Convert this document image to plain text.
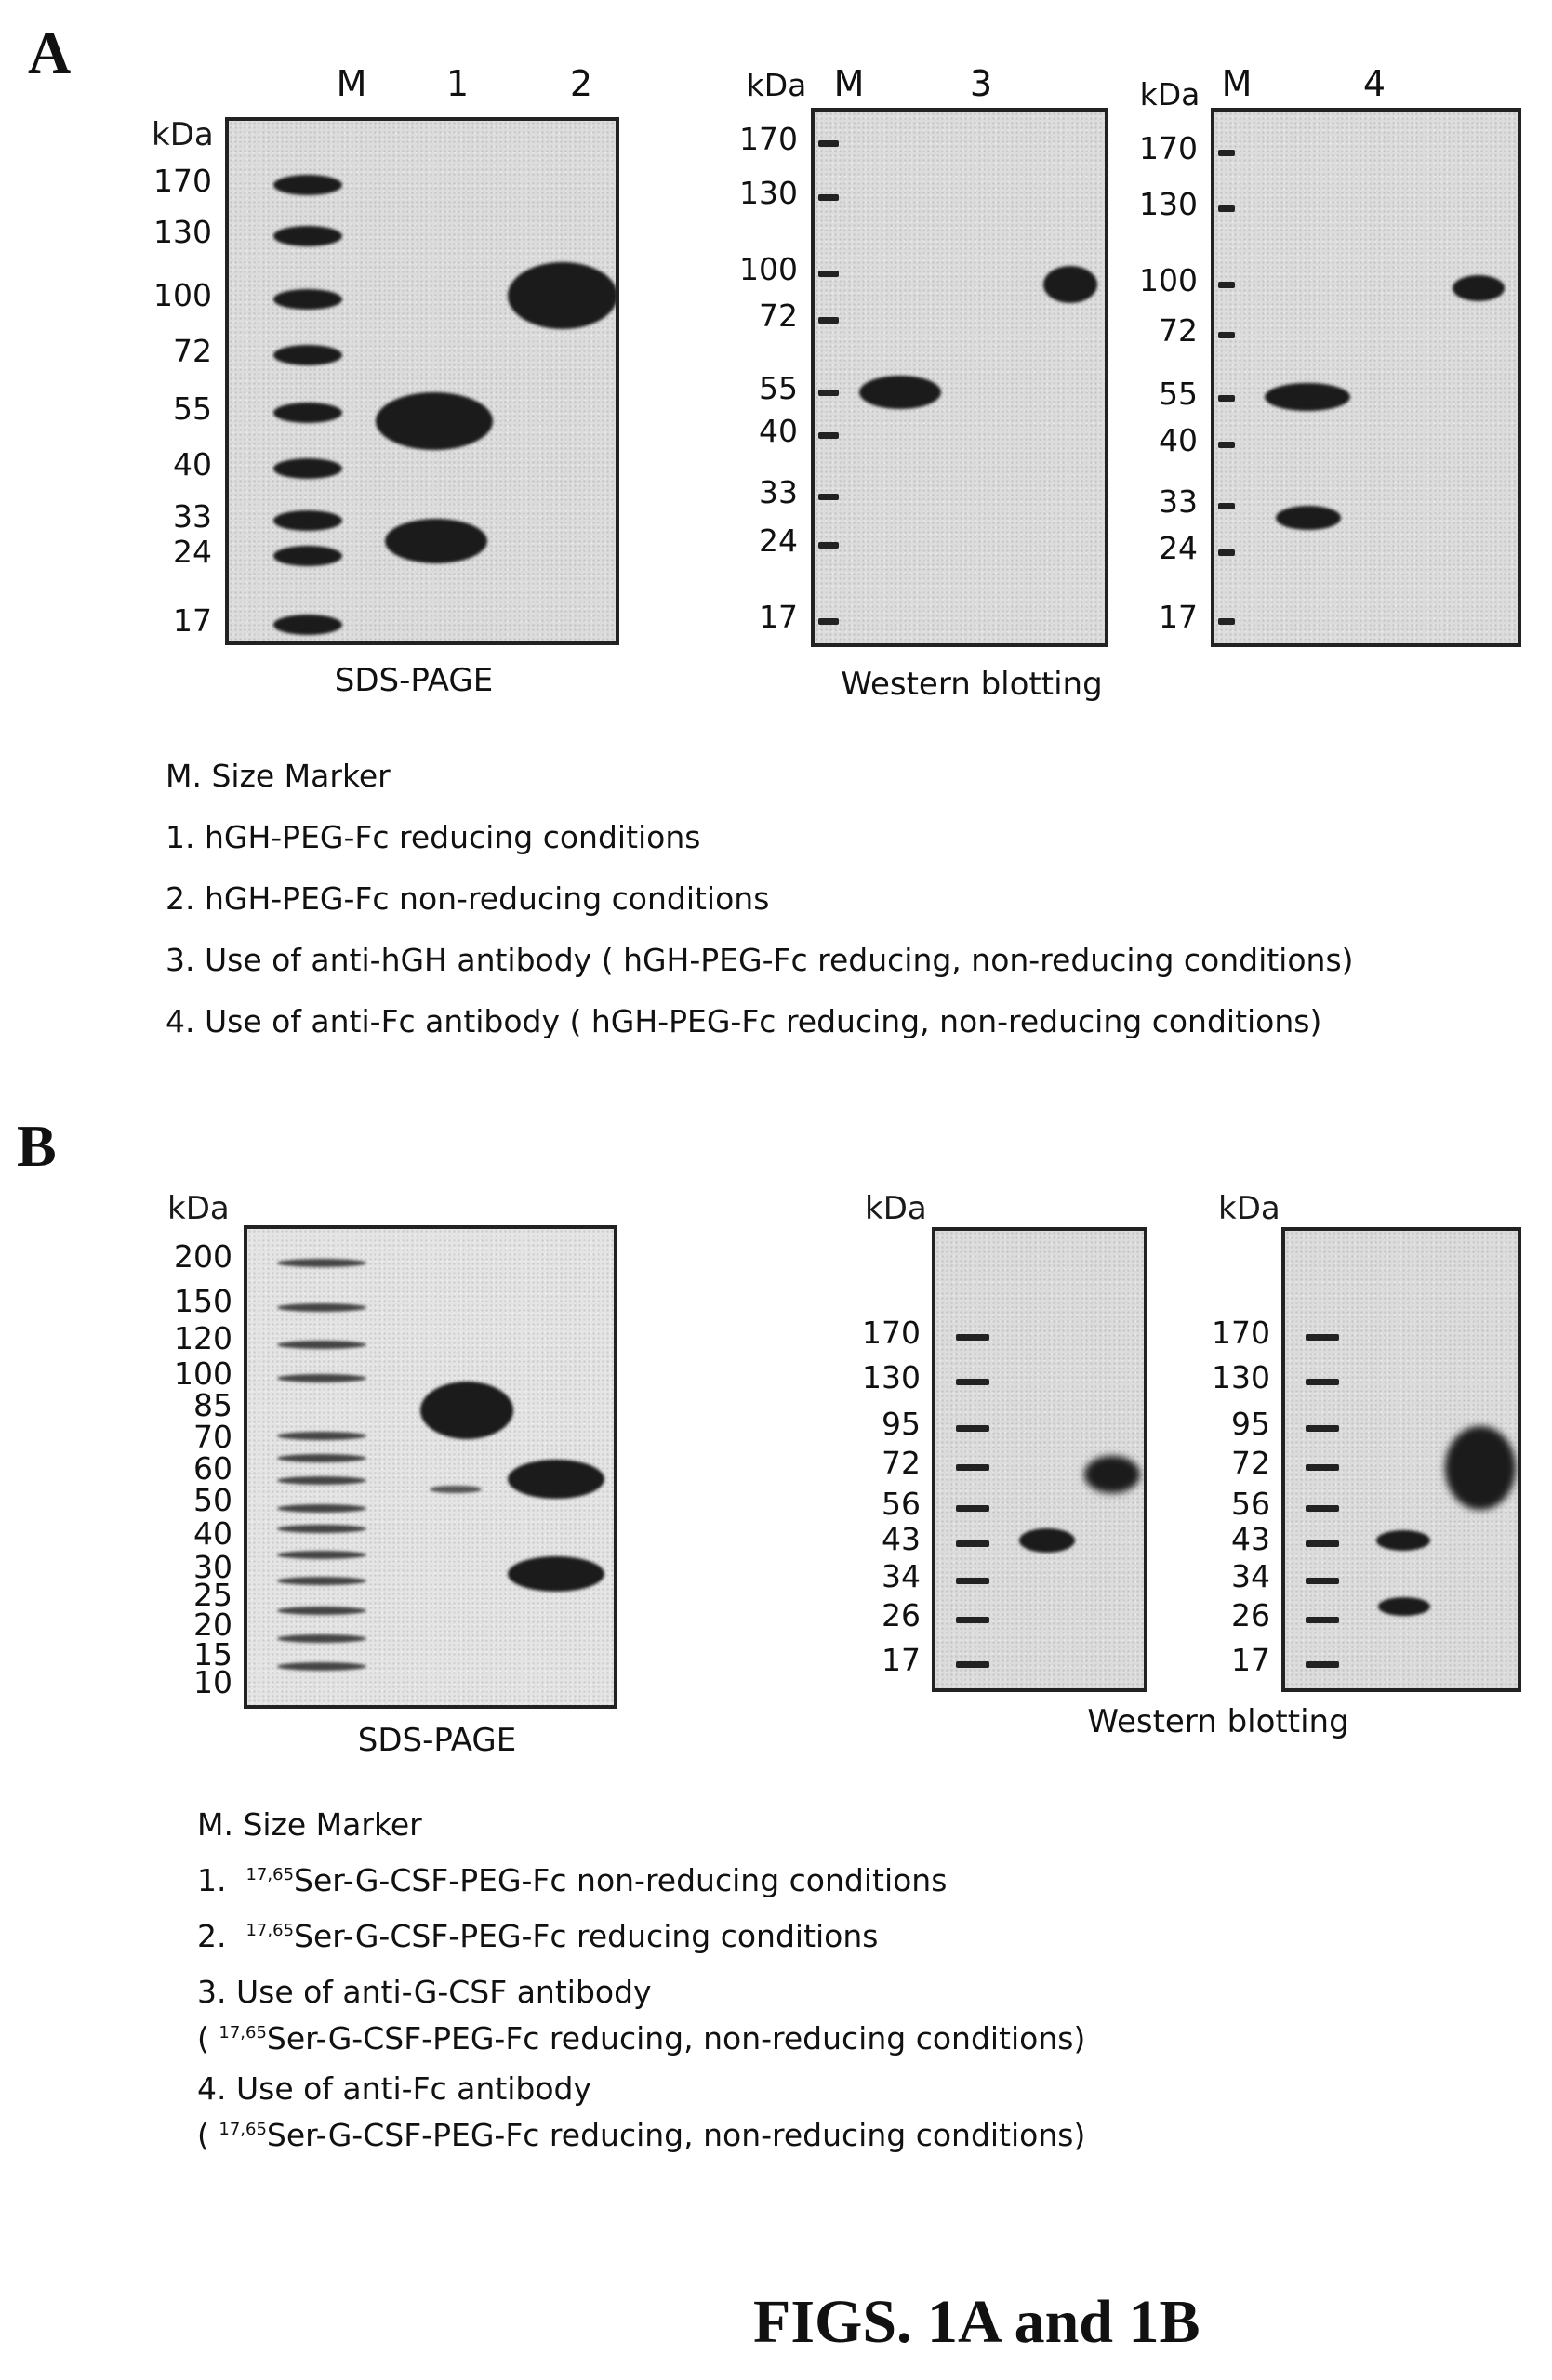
A	M 1	2
kDa
170
130
100
72
55
40
33
24
17
SDS-PAGE
kDa M	3
170
130
100
72
55
40
33
24
17
kDa M	4
170
130
100
72
55
40
33
24
17
Western blotting
M. Size Marker
1. hGH-PEG-Fc reducing conditions
2. hGH-PEG-Fc non-reducing conditions
3. Use of anti-hGH antibody ( hGH-PEG-Fc reducing, non-reducing conditions)
4. Use of anti-Fc antibody ( hGH-PEG-Fc reducing, non-reducing conditions)
B
kDa
200
150
120
100
85
70
60
50
40
30
25
20
15
10
SDS-PAGE
kDa
170
130
95
72
56
43
34
26
17
kDa
170
130
95
72
56
43
34
26
17
Western blotting
M. Size Marker
1. $^{17,65}$Ser-G-CSF-PEG-Fc non-reducing conditions
2. $^{17,65}$Ser-G-CSF-PEG-Fc reducing conditions
3. Use of anti-G-CSF antibody
( $^{17,65}$Ser-G-CSF-PEG-Fc reducing, non-reducing conditions)
4. Use of anti-Fc antibody
( $^{17,65}$Ser-G-CSF-PEG-Fc reducing, non-reducing conditions)
FIGS. 1A and 1B
